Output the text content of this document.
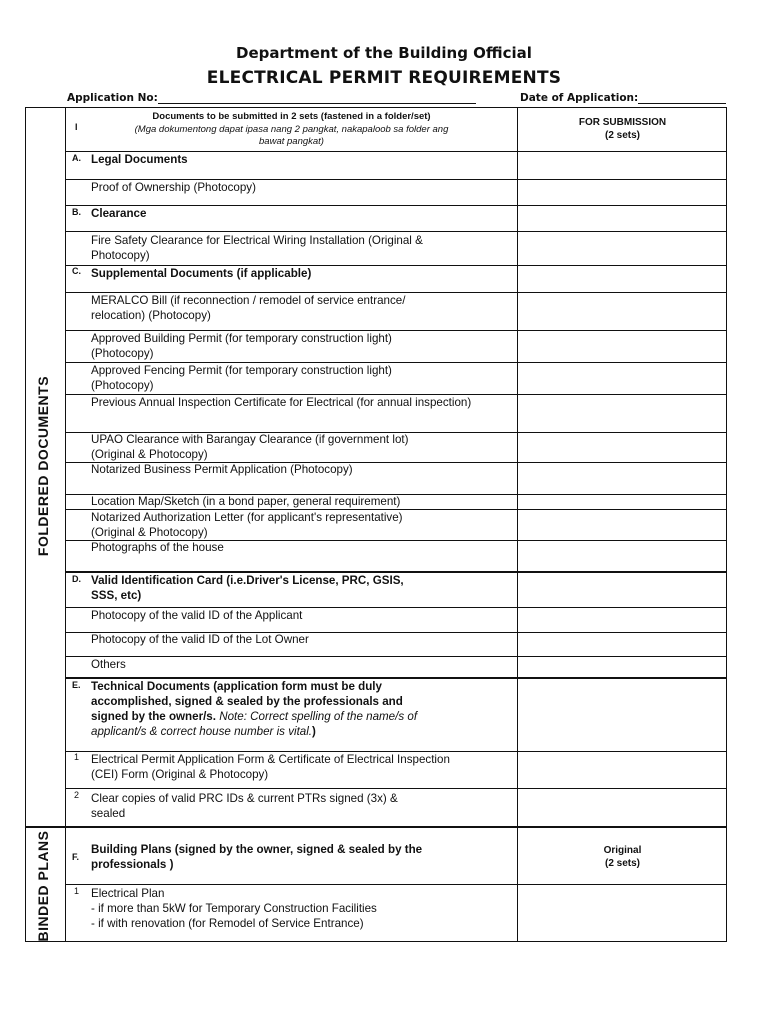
Department of the Building Official
ELECTRICAL PERMIT REQUIREMENTS
Application No:	Date of Application:
FOLDERED DOCUMENTS
BINDED PLANS
I
Documents to be submitted in 2 sets (fastened in a folder/set)
(Mga dokumentong dapat ipasa nang 2 pangkat, nakapaloob sa folder ang
bawat pangkat)
FOR SUBMISSION
(2 sets)
A. Legal Documents
Proof of Ownership (Photocopy)
B. Clearance
Fire Safety Clearance for Electrical Wiring Installation (Original &
Photocopy)
C. Supplemental Documents (if applicable)
MERALCO Bill (if reconnection / remodel of service entrance/
relocation) (Photocopy)
Approved Building Permit (for temporary construction light)
(Photocopy)
Approved Fencing Permit (for temporary construction light)
(Photocopy)
Previous Annual Inspection Certificate for Electrical (for annual inspection)
UPAO Clearance with Barangay Clearance (if government lot)
(Original & Photocopy)
Notarized Business Permit Application (Photocopy)
Location Map/Sketch (in a bond paper, general requirement)
Notarized Authorization Letter (for applicant's representative)
(Original & Photocopy)
Photographs of the house
D. Valid Identification Card (i.e.Driver's License, PRC, GSIS,
SSS, etc)
Photocopy of the valid ID of the Applicant
Photocopy of the valid ID of the Lot Owner
Others
E. Technical Documents (application form must be duly
accomplished, signed & sealed by the professionals and
signed by the owner/s. Note: Correct spelling of the name/s of
applicant/s & correct house number is vital.)
1 Electrical Permit Application Form & Certificate of Electrical Inspection
(CEI) Form (Original & Photocopy)
2 Clear copies of valid PRC IDs & current PTRs signed (3x) &
sealed
F.
Building Plans (signed by the owner, signed & sealed by the
professionals )
Original
(2 sets)
1 Electrical Plan
- if more than 5kW for Temporary Construction Facilities
- if with renovation (for Remodel of Service Entrance)
